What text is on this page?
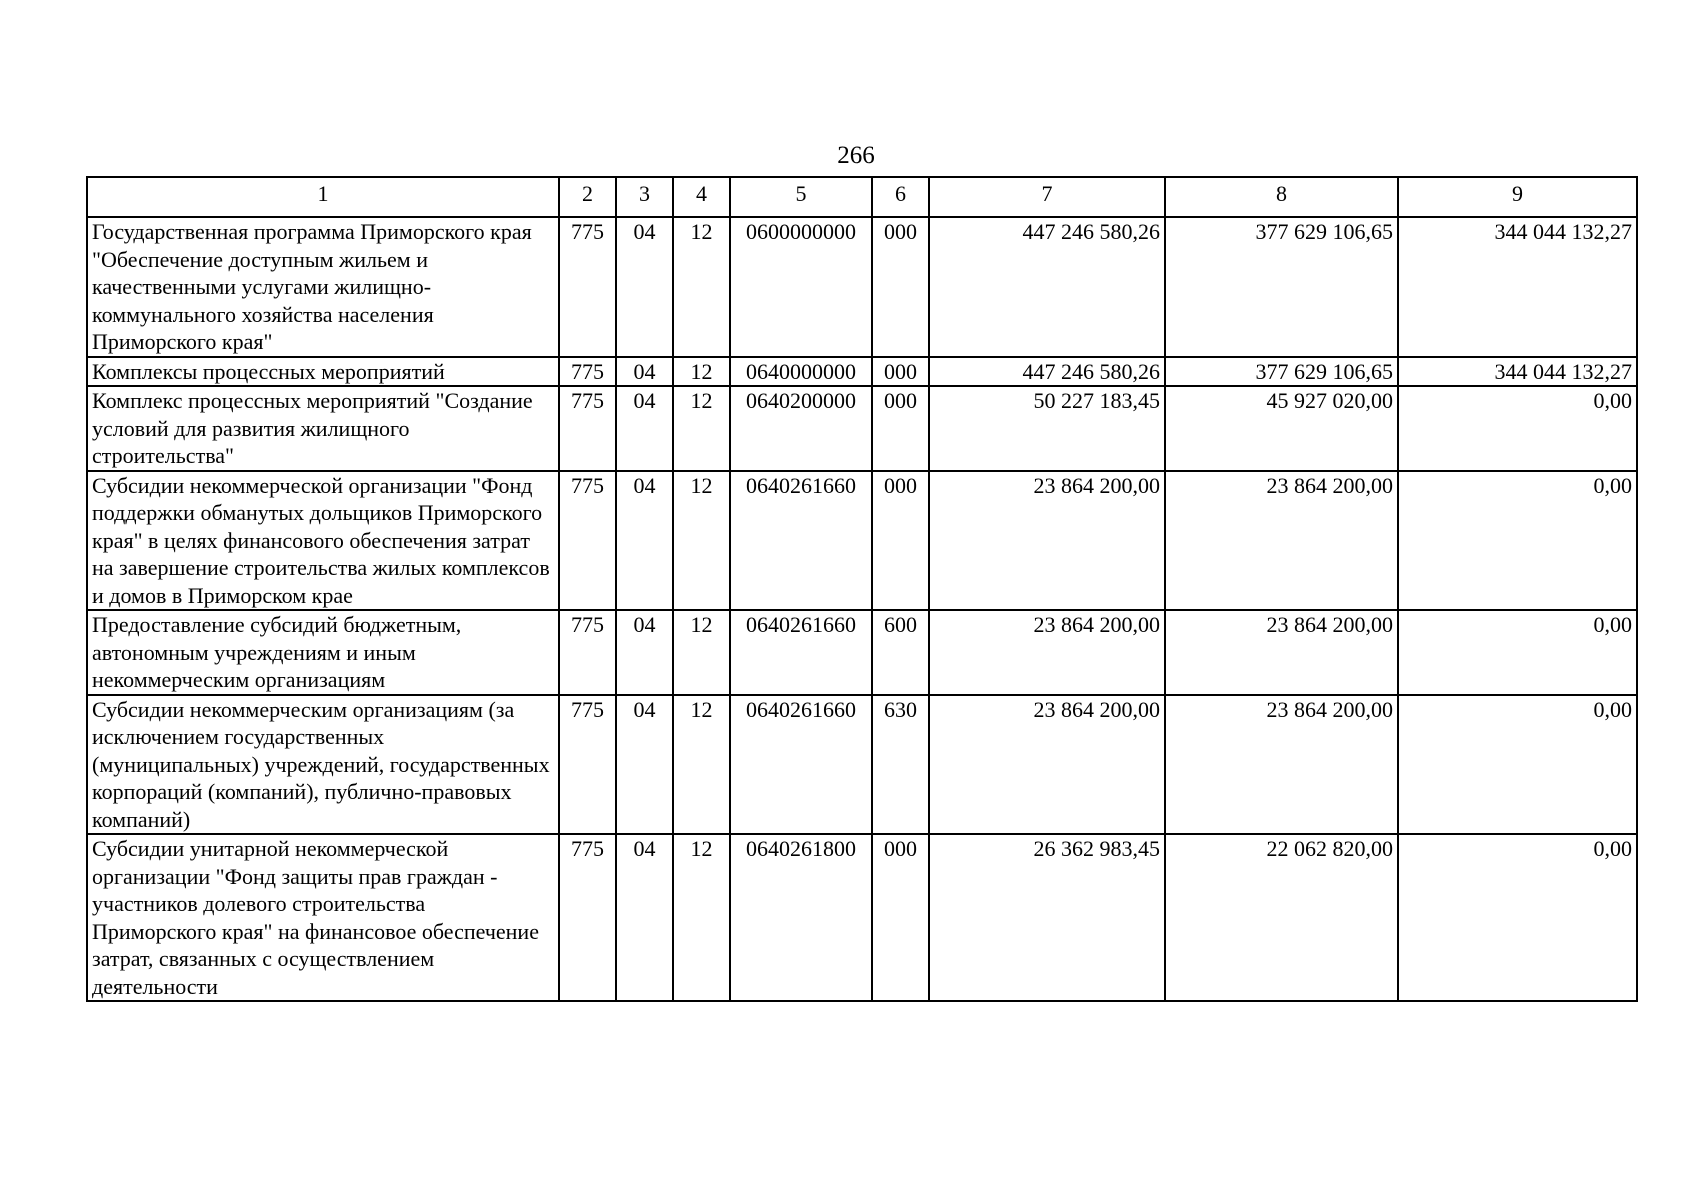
266
1	2	3	4	5	6	7	8	9
Государственная программа Приморского края "Обеспечение доступным жильем и качественными услугами жилищно-коммунального хозяйства населения Приморского края"	775	04	12	0600000000	000	447 246 580,26	377 629 106,65	344 044 132,27
Комплексы процессных мероприятий	775	04	12	0640000000	000	447 246 580,26	377 629 106,65	344 044 132,27
Комплекс процессных мероприятий "Создание условий для развития жилищного строительства"	775	04	12	0640200000	000	50 227 183,45	45 927 020,00	0,00
Субсидии некоммерческой организации "Фонд поддержки обманутых дольщиков Приморского края" в целях финансового обеспечения затрат на завершение строительства жилых комплексов и домов в Приморском крае	775	04	12	0640261660	000	23 864 200,00	23 864 200,00	0,00
Предоставление субсидий бюджетным, автономным учреждениям и иным некоммерческим организациям	775	04	12	0640261660	600	23 864 200,00	23 864 200,00	0,00
Субсидии некоммерческим организациям (за исключением государственных (муниципальных) учреждений, государственных корпораций (компаний), публично-правовых компаний)	775	04	12	0640261660	630	23 864 200,00	23 864 200,00	0,00
Субсидии унитарной некоммерческой организации "Фонд защиты прав граждан - участников долевого строительства Приморского края" на финансовое обеспечение затрат, связанных с осуществлением деятельности	775	04	12	0640261800	000	26 362 983,45	22 062 820,00	0,00
